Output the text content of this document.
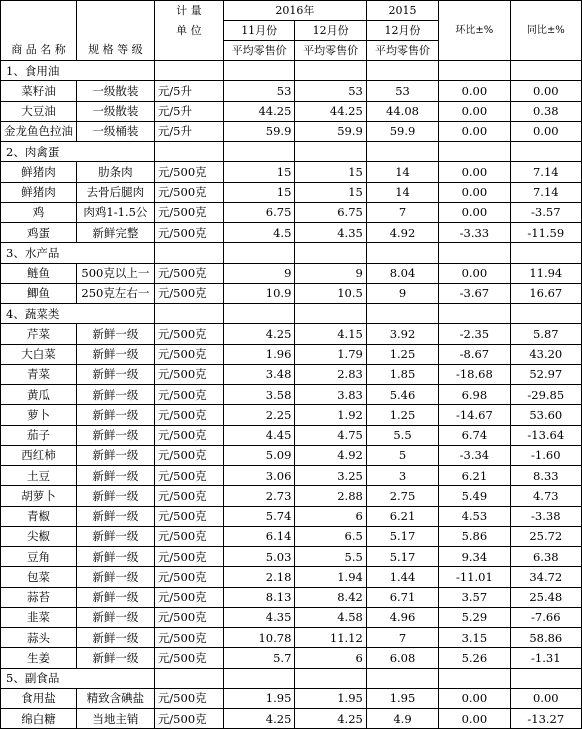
		计 量	2016年		2015	环比±%	同比±%
		单 位	11月份	12月份	12月份		
商 品 名 称	规 格 等 级		平均零售价	平均零售价	平均零售价		
1、食用油							
菜籽油	一级散装	元/5升	53	53	53	0.00	0.00
大豆油	一级散装	元/5升	44.25	44.25	44.08	0.00	0.38
金龙鱼色拉油	一级桶装	元/5升	59.9	59.9	59.9	0.00	0.00
2、肉禽蛋							
鲜猪肉	肋条肉	元/500克	15	15	14	0.00	7.14
鲜猪肉	去骨后腿肉	元/500克	15	15	14	0.00	7.14
鸡	肉鸡1-1.5公	元/500克	6.75	6.75	7	0.00	-3.57
鸡蛋	新鲜完整	元/500克	4.5	4.35	4.92	-3.33	-11.59
3、水产品							
鲢鱼	500克以上一	元/500克	9	9	8.04	0.00	11.94
鲫鱼	250克左右一	元/500克	10.9	10.5	9	-3.67	16.67
4、蔬菜类							
芹菜	新鲜一级	元/500克	4.25	4.15	3.92	-2.35	5.87
大白菜	新鲜一级	元/500克	1.96	1.79	1.25	-8.67	43.20
青菜	新鲜一级	元/500克	3.48	2.83	1.85	-18.68	52.97
黄瓜	新鲜一级	元/500克	3.58	3.83	5.46	6.98	-29.85
萝卜	新鲜一级	元/500克	2.25	1.92	1.25	-14.67	53.60
茄子	新鲜一级	元/500克	4.45	4.75	5.5	6.74	-13.64
西红柿	新鲜一级	元/500克	5.09	4.92	5	-3.34	-1.60
土豆	新鲜一级	元/500克	3.06	3.25	3	6.21	8.33
胡萝卜	新鲜一级	元/500克	2.73	2.88	2.75	5.49	4.73
青椒	新鲜一级	元/500克	5.74	6	6.21	4.53	-3.38
尖椒	新鲜一级	元/500克	6.14	6.5	5.17	5.86	25.72
豆角	新鲜一级	元/500克	5.03	5.5	5.17	9.34	6.38
包菜	新鲜一级	元/500克	2.18	1.94	1.44	-11.01	34.72
蒜苔	新鲜一级	元/500克	8.13	8.42	6.71	3.57	25.48
韭菜	新鲜一级	元/500克	4.35	4.58	4.96	5.29	-7.66
蒜头	新鲜一级	元/500克	10.78	11.12	7	3.15	58.86
生姜	新鲜一级	元/500克	5.7	6	6.08	5.26	-1.31
5、副食品							
食用盐	精致含碘盐	元/500克	1.95	1.95	1.95	0.00	0.00
绵白糖	当地主销	元/500克	4.25	4.25	4.9	0.00	-13.27
